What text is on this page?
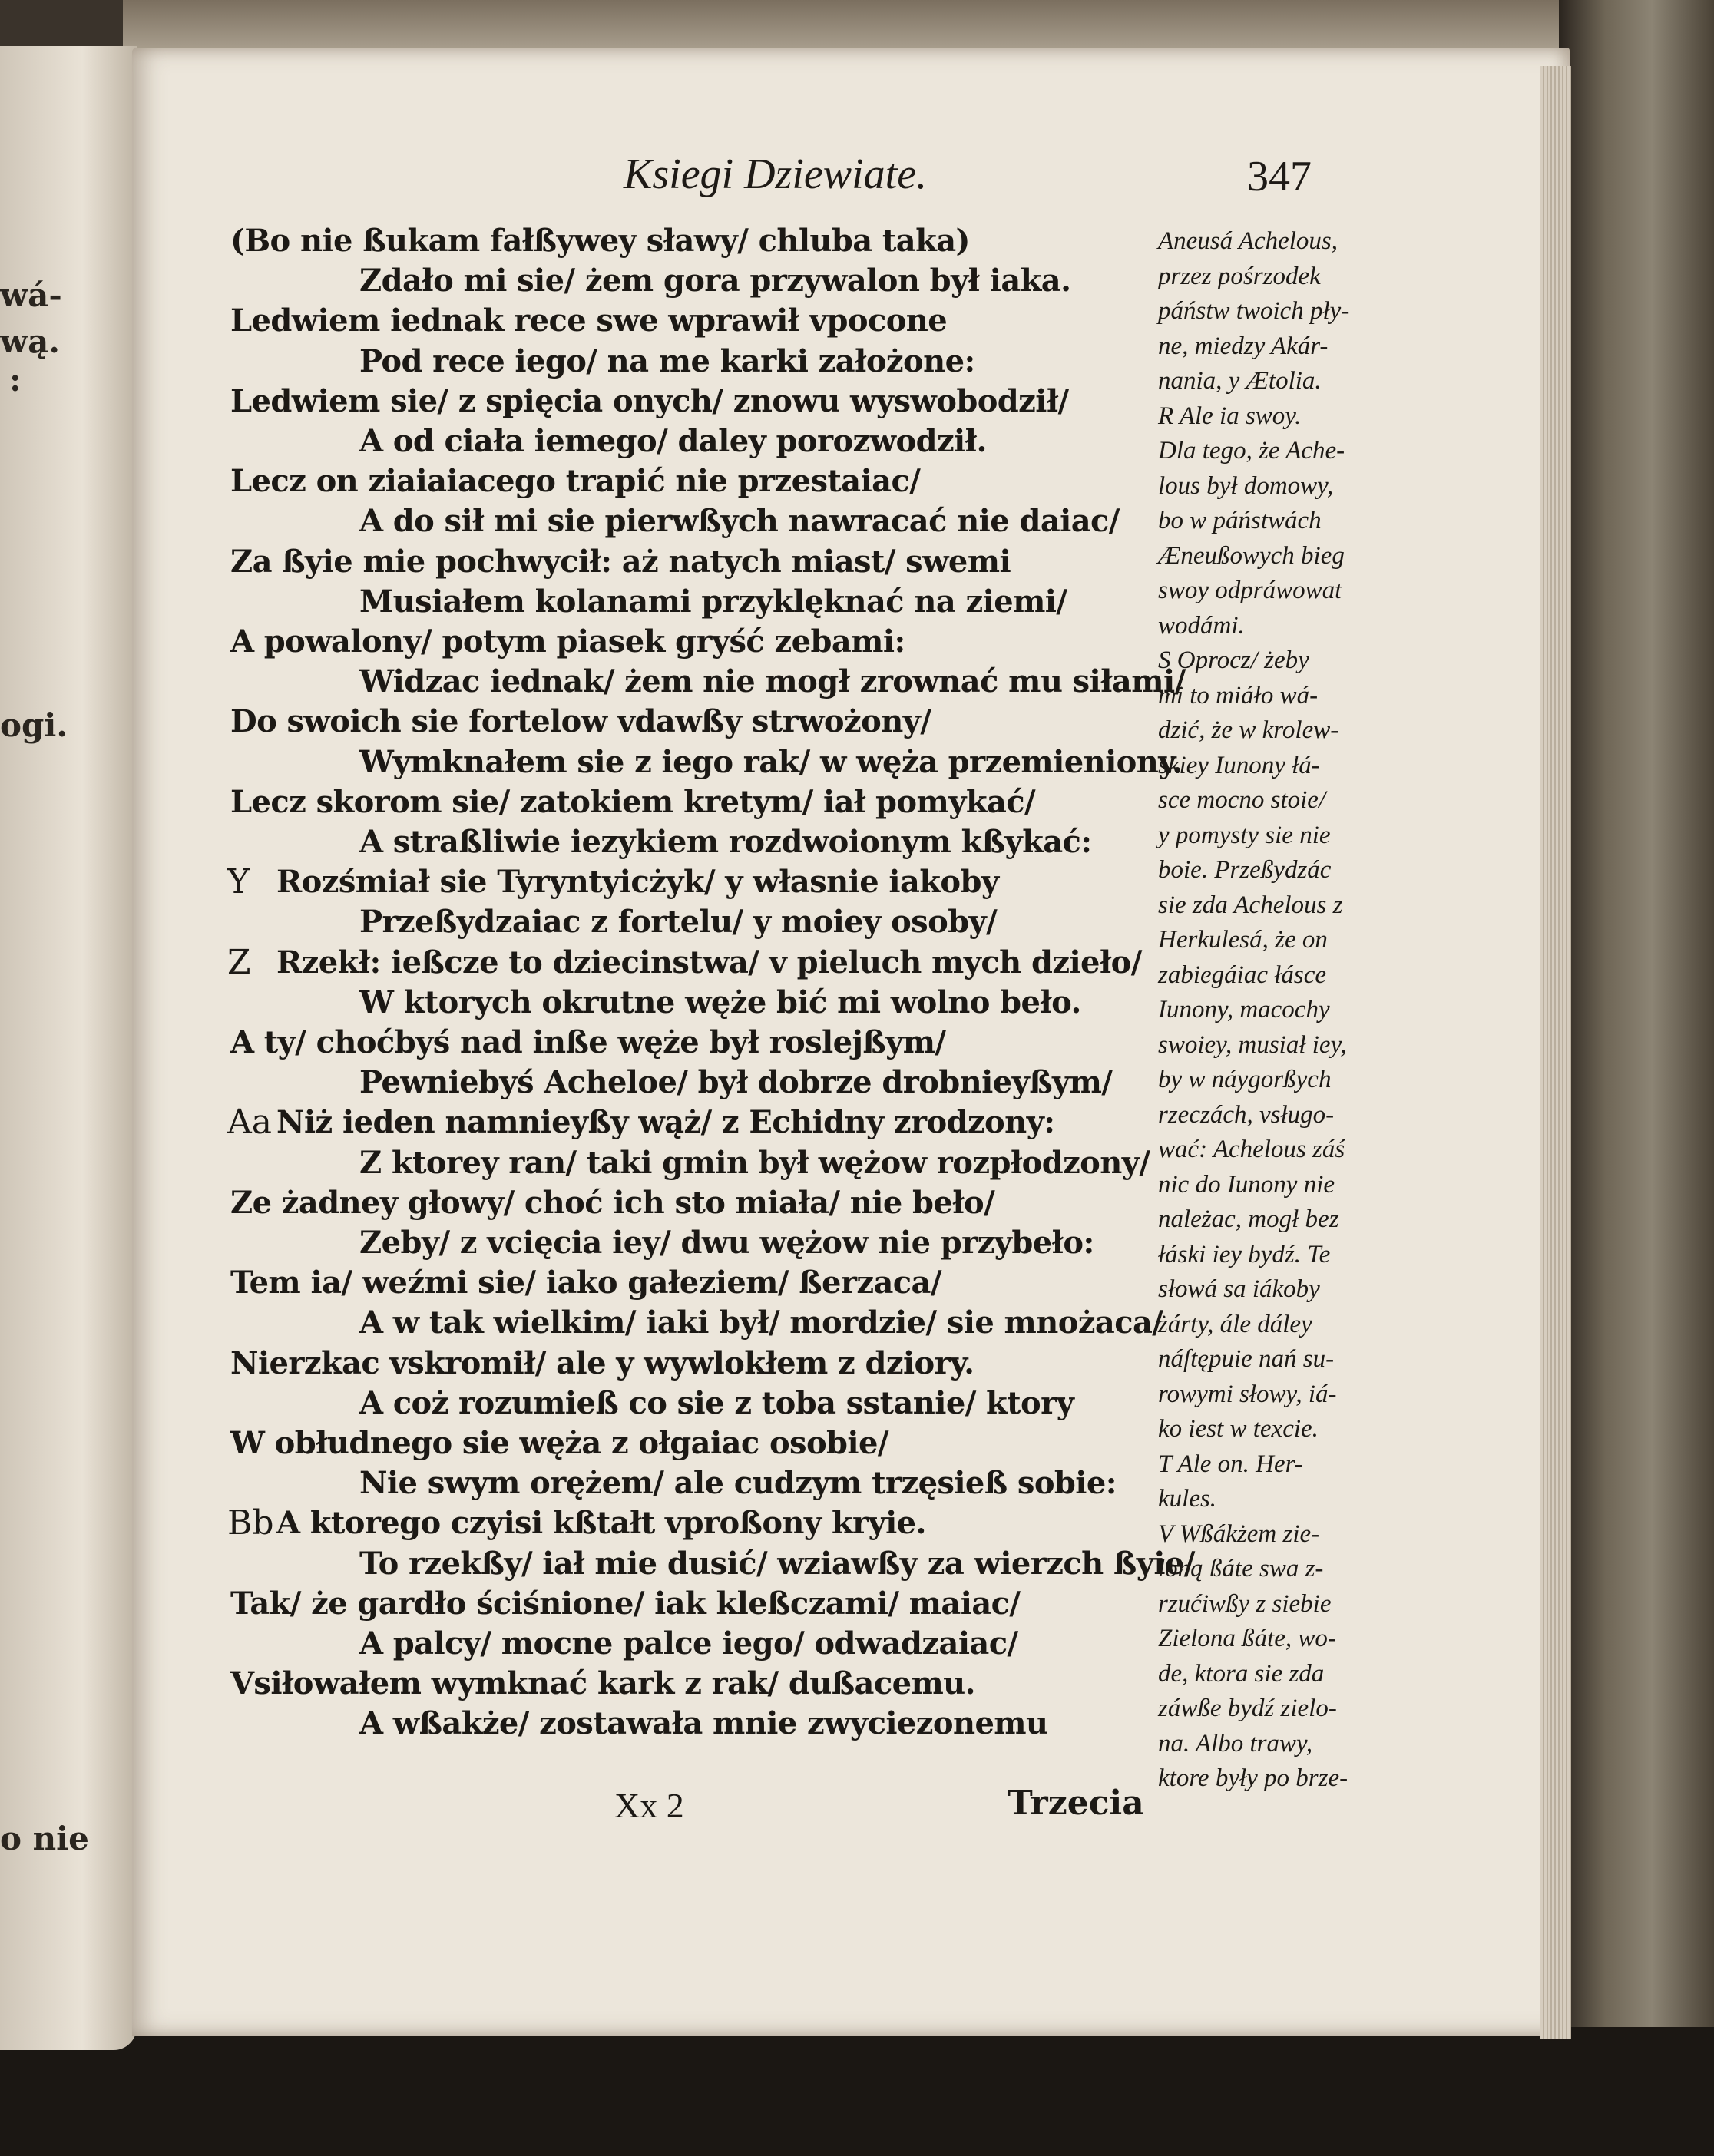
wá-
wą.
:
ogi.
o nie
Ksiegi Dziewiate.	347
(Bo nie ßukam fałßywey sławy/ chluba taka)
Zdało mi sie/ żem gora przywalon był iaka.
Ledwiem iednak rece swe wprawił vpocone
Pod rece iego/ na me karki założone:
Ledwiem sie/ z spięcia onych/ znowu wyswobodził/
A od ciała iemego/ daley porozwodził.
Lecz on ziaiaiacego trapić nie przestaiac/
A do sił mi sie pierwßych nawracać nie daiac/
Za ßyie mie pochwycił: aż natych miast/ swemi
Musiałem kolanami przyklęknać na ziemi/
A powalony/ potym piasek gryść zebami:
Widzac iednak/ żem nie mogł zrownać mu siłami/
Do swoich sie fortelow vdawßy strwożony/
Wymknałem sie z iego rak/ w węża przemieniony.
Lecz skorom sie/ zatokiem kretym/ iał pomykać/
A straßliwie iezykiem rozdwoionym kßykać:
Rozśmiał sie Tyryntyicżyk/ y własnie iakoby
Y
Przeßydzaiac z fortelu/ y moiey osoby/
Rzekł: ießcze to dziecinstwa/ v pieluch mych dzieło/
Z
W ktorych okrutne węże bić mi wolno beło.
A ty/ choćbyś nad inße węże był roslejßym/
Pewniebyś Acheloe/ był dobrze drobnieyßym/
Niż ieden namnieyßy wąż/ z Echidny zrodzony:
Aa
Z ktorey ran/ taki gmin był wężow rozpłodzony/
Ze żadney głowy/ choć ich sto miała/ nie beło/
Zeby/ z vcięcia iey/ dwu wężow nie przybeło:
Tem ia/ weźmi sie/ iako gałeziem/ ßerzaca/
A w tak wielkim/ iaki był/ mordzie/ sie mnożaca/
Nierzkac vskromił/ ale y wywlokłem z dziory.
A coż rozumieß co sie z toba sstanie/ ktory
W obłudnego sie węża z ołgaiac osobie/
Nie swym orężem/ ale cudzym trzęsieß sobie:
A ktorego czyisi kßtałt vproßony kryie.
Bb
To rzekßy/ iał mie dusić/ wziawßy za wierzch ßyie/
Tak/ że gardło ściśnione/ iak kleßczami/ maiac/
A palcy/ mocne palce iego/ odwadzaiac/
Vsiłowałem wymknać kark z rak/ dußacemu.
A wßakże/ zostawała mnie zwyciezonemu
Aneusá Achelous,
przez pośrzodek
páństw twoich pły-
ne, miedzy Akár-
nania, y Ætolia.
R Ale ia swoy.
Dla tego, że Ache-
lous był domowy,
bo w páństwách
Æneußowych bieg
swoy odpráwowat
wodámi.
S Oprocz/ żeby
mi to miáło wá-
dzić, że w krolew-
skiey Iunony łá-
sce mocno stoie/
y pomysty sie nie
boie. Przeßydzác
sie zda Achelous z
Herkulesá, że on
zabiegáiac łásce
Iunony, macochy
swoiey, musiał iey,
by w náygorßych
rzeczách, vsługo-
wać: Achelous záś
nic do Iunony nie
należac, mogł bez
łáski iey bydź. Te
słowá sa iákoby
żárty, ále dáley
náſtępuie nań su-
rowymi słowy, iá-
ko iest w texcie.
T Ale on. Her-
kules.
V Wßákżem zie-
loną ßáte swa z-
rzućiwßy z siebie
Zielona ßáte, wo-
de, ktora sie zda
záwße bydź zielo-
na. Albo trawy,
ktore były po brze-
Xx 2	Trzecia
